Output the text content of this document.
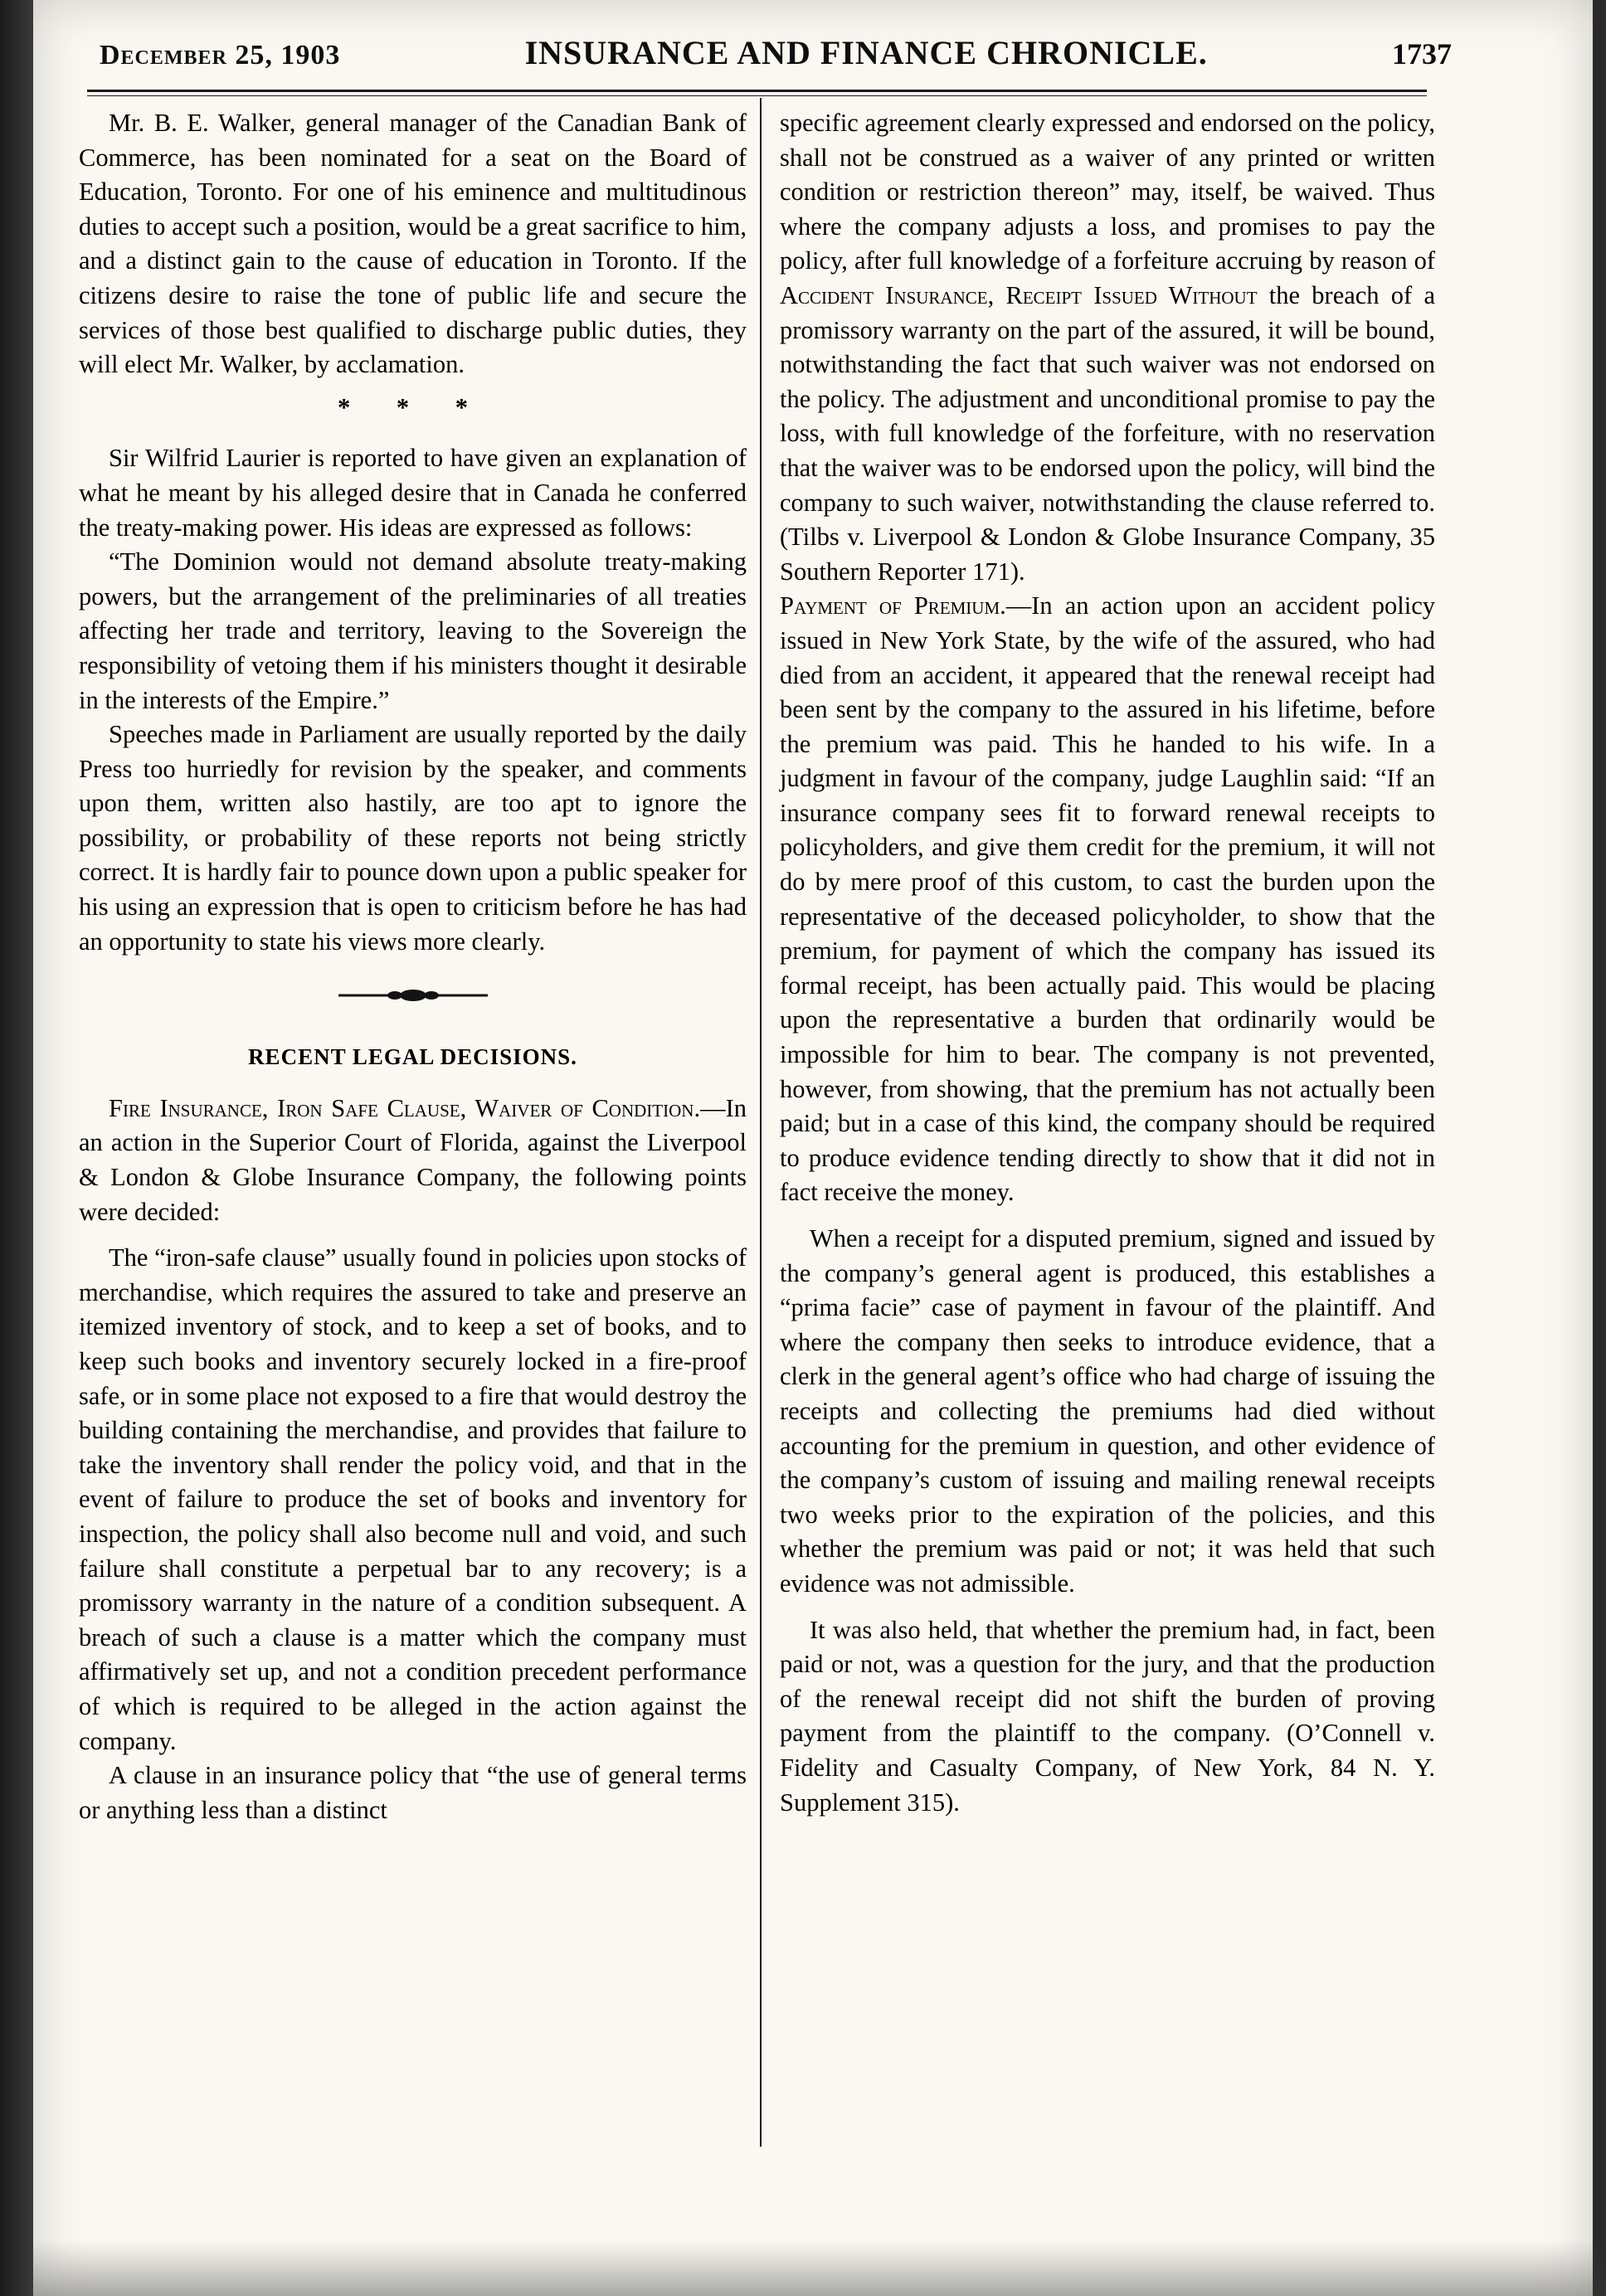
December 25, 1903	INSURANCE AND FINANCE CHRONICLE.	1737

Mr. B. E. Walker, general manager of the Canadian Bank of Commerce, has been nominated for a seat on the Board of Education, Toronto. For one of his eminence and multitudinous duties to accept such a position, would be a great sacrifice to him, and a distinct gain to the cause of education in Toronto. If the citizens desire to raise the tone of public life and secure the services of those best qualified to discharge public duties, they will elect Mr. Walker, by acclamation.

* * *

Sir Wilfrid Laurier is reported to have given an explanation of what he meant by his alleged desire that in Canada he conferred the treaty-making power. His ideas are expressed as follows:

“The Dominion would not demand absolute treaty-making powers, but the arrangement of the preliminaries of all treaties affecting her trade and territory, leaving to the Sovereign the responsibility of vetoing them if his ministers thought it desirable in the interests of the Empire.”

Speeches made in Parliament are usually reported by the daily Press too hurriedly for revision by the speaker, and comments upon them, written also hastily, are too apt to ignore the possibility, or probability of these reports not being strictly correct. It is hardly fair to pounce down upon a public speaker for his using an expression that is open to criticism before he has had an opportunity to state his views more clearly.

RECENT LEGAL DECISIONS.

Fire Insurance, Iron Safe Clause, Waiver of Condition.—In an action in the Superior Court of Florida, against the Liverpool & London & Globe Insurance Company, the following points were decided:

The “iron-safe clause” usually found in policies upon stocks of merchandise, which requires the assured to take and preserve an itemized inventory of stock, and to keep a set of books, and to keep such books and inventory securely locked in a fire-proof safe, or in some place not exposed to a fire that would destroy the building containing the merchandise, and provides that failure to take the inventory shall render the policy void, and that in the event of failure to produce the set of books and inventory for inspection, the policy shall also become null and void, and such failure shall constitute a perpetual bar to any recovery; is a promissory warranty in the nature of a condition subsequent. A breach of such a clause is a matter which the company must affirmatively set up, and not a condition precedent performance of which is required to be alleged in the action against the company.

A clause in an insurance policy that “the use of general terms or anything less than a distinct

specific agreement clearly expressed and endorsed on the policy, shall not be construed as a waiver of any printed or written condition or restriction thereon” may, itself, be waived. Thus where the company adjusts a loss, and promises to pay the policy, after full knowledge of a forfeiture accruing by reason of Accident Insurance, Receipt Issued Without the breach of a promissory warranty on the part of the assured, it will be bound, notwithstanding the fact that such waiver was not endorsed on the policy. The adjustment and unconditional promise to pay the loss, with full knowledge of the forfeiture, with no reservation that the waiver was to be endorsed upon the policy, will bind the company to such waiver, notwithstanding the clause referred to. (Tilbs v. Liverpool & London & Globe Insurance Company, 35 Southern Reporter 171).

Payment of Premium.—In an action upon an accident policy issued in New York State, by the wife of the assured, who had died from an accident, it appeared that the renewal receipt had been sent by the company to the assured in his lifetime, before the premium was paid. This he handed to his wife. In a judgment in favour of the company, judge Laughlin said: “If an insurance company sees fit to forward renewal receipts to policyholders, and give them credit for the premium, it will not do by mere proof of this custom, to cast the burden upon the representative of the deceased policyholder, to show that the premium, for payment of which the company has issued its formal receipt, has been actually paid. This would be placing upon the representative a burden that ordinarily would be impossible for him to bear. The company is not prevented, however, from showing, that the premium has not actually been paid; but in a case of this kind, the company should be required to produce evidence tending directly to show that it did not in fact receive the money.

When a receipt for a disputed premium, signed and issued by the company’s general agent is produced, this establishes a “prima facie” case of payment in favour of the plaintiff. And where the company then seeks to introduce evidence, that a clerk in the general agent’s office who had charge of issuing the receipts and collecting the premiums had died without accounting for the premium in question, and other evidence of the company’s custom of issuing and mailing renewal receipts two weeks prior to the expiration of the policies, and this whether the premium was paid or not; it was held that such evidence was not admissible.

It was also held, that whether the premium had, in fact, been paid or not, was a question for the jury, and that the production of the renewal receipt did not shift the burden of proving payment from the plaintiff to the company. (O’Connell v. Fidelity and Casualty Company, of New York, 84 N. Y. Supplement 315).
